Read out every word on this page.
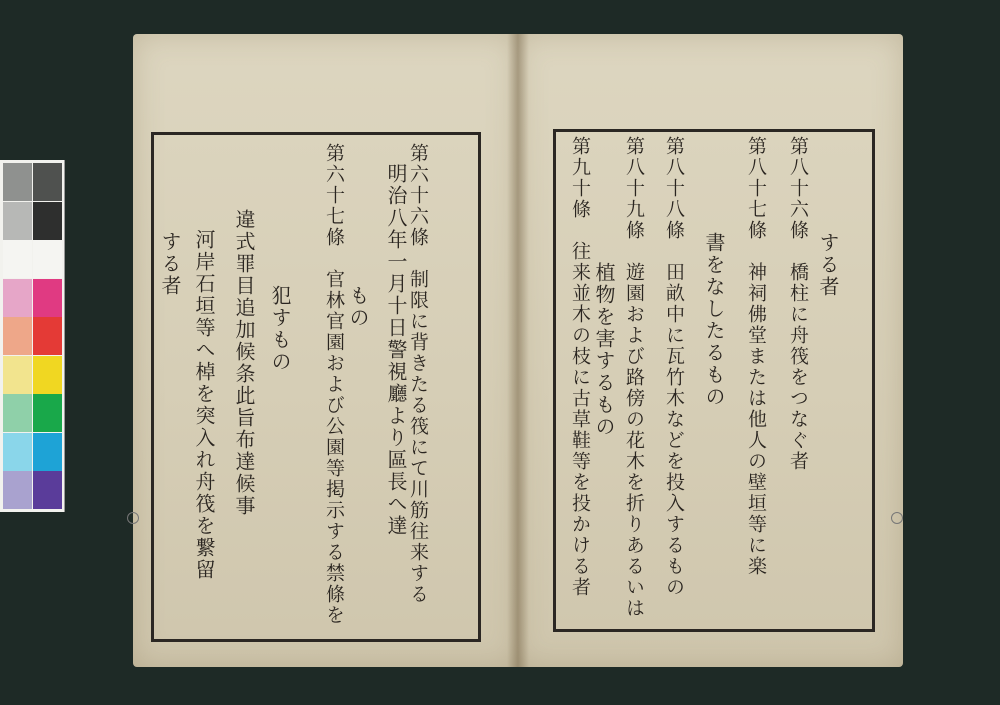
明治八年一月十日警視廳より區長へ達 第六十六條　制限に背きたる筏にて川筋往来する
もの
第六十七條　官林官園および公園等掲示する禁條を
犯すもの
違式罪目追加候条此旨布達候事
河岸石垣等へ棹を突入れ舟筏を繋留
する者	する者
第八十六條　橋柱に舟筏をつなぐ者
第八十七條　神祠佛堂または他人の壁垣等に楽
書をなしたるもの
第八十八條　田畝中に瓦竹木などを投入するもの
第八十九條　遊園および路傍の花木を折りあるいは
植物を害するもの
第九十條　往来並木の枝に古草鞋等を投かける者
